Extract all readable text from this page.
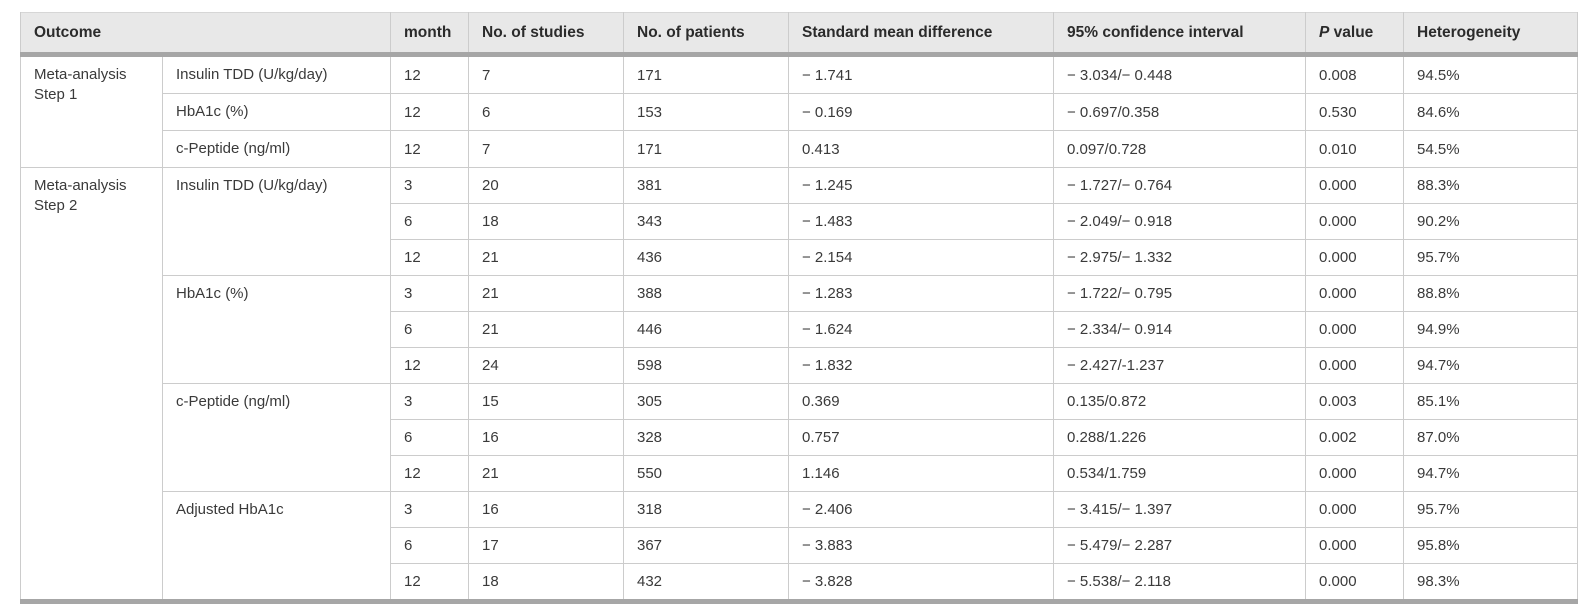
Outcome		month	No. of studies	No. of patients	Standard mean difference	95% confidence interval	P value	Heterogeneity
Meta-analysis Step 1	Insulin TDD (U/kg/day)	12	7	171	− 1.741	− 3.034/− 0.448	0.008	94.5%
	HbA1c (%)	12	6	153	− 0.169	− 0.697/0.358	0.530	84.6%
	c-Peptide (ng/ml)	12	7	171	0.413	0.097/0.728	0.010	54.5%
Meta-analysis Step 2	Insulin TDD (U/kg/day)	3	20	381	− 1.245	− 1.727/− 0.764	0.000	88.3%
		6	18	343	− 1.483	− 2.049/− 0.918	0.000	90.2%
		12	21	436	− 2.154	− 2.975/− 1.332	0.000	95.7%
	HbA1c (%)	3	21	388	− 1.283	− 1.722/− 0.795	0.000	88.8%
		6	21	446	− 1.624	− 2.334/− 0.914	0.000	94.9%
		12	24	598	− 1.832	− 2.427/-1.237	0.000	94.7%
	c-Peptide (ng/ml)	3	15	305	0.369	0.135/0.872	0.003	85.1%
		6	16	328	0.757	0.288/1.226	0.002	87.0%
		12	21	550	1.146	0.534/1.759	0.000	94.7%
	Adjusted HbA1c	3	16	318	− 2.406	− 3.415/− 1.397	0.000	95.7%
		6	17	367	− 3.883	− 5.479/− 2.287	0.000	95.8%
		12	18	432	− 3.828	− 5.538/− 2.118	0.000	98.3%
